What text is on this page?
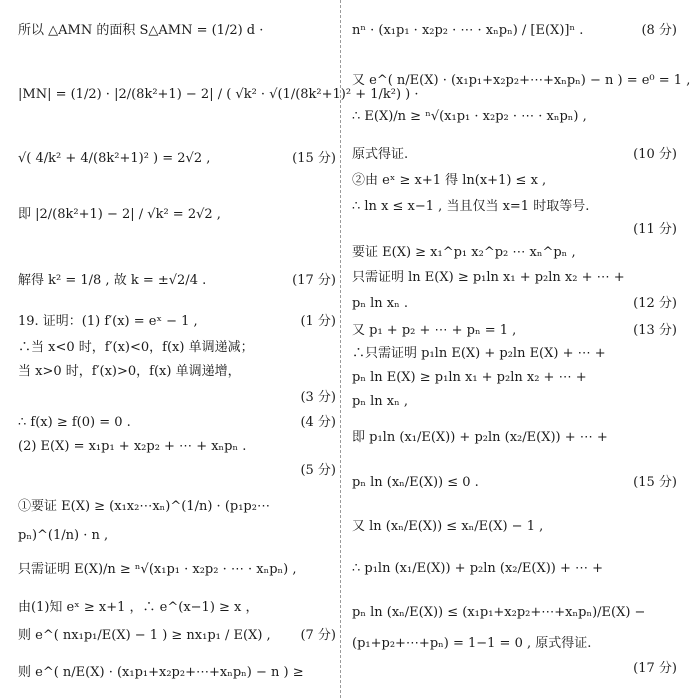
所以 △AMN 的面积 S△AMN = (1/2) d ·
|MN| = (1/2) · |2/(8k²+1) − 2| / ( √k² · √(1/(8k²+1)² + 1/k²) ) ·
√( 4/k² + 4/(8k²+1)² ) = 2√2 ,	(15 分)
即 |2/(8k²+1) − 2| / √k² = 2√2 ,
解得 k² = 1/8 , 故 k = ±√2/4 .	(17 分)
19. 证明：(1) f′(x) = eˣ − 1 ,	(1 分)
∴当 x<0 时，f′(x)<0，f(x) 单调递减；
当 x>0 时，f′(x)>0，f(x) 单调递增，
(3 分)
∴ f(x) ≥ f(0) = 0 .	(4 分)
(2) E(X) = x₁p₁ + x₂p₂ + ⋯ + xₙpₙ .
(5 分)
①要证 E(X) ≥ (x₁x₂⋯xₙ)^(1/n) · (p₁p₂⋯
pₙ)^(1/n) · n ,
只需证明 E(X)/n ≥ ⁿ√(x₁p₁ · x₂p₂ · ⋯ · xₙpₙ) ,
由(1)知 eˣ ≥ x+1 ，∴ e^(x−1) ≥ x ，
则 e^( nx₁p₁/E(X) − 1 ) ≥ nx₁p₁ / E(X) ,	(7 分)
则 e^( n/E(X) · (x₁p₁+x₂p₂+⋯+xₙpₙ) − n ) ≥
nⁿ · (x₁p₁ · x₂p₂ · ⋯ · xₙpₙ) / [E(X)]ⁿ .	(8 分)
又 e^( n/E(X) · (x₁p₁+x₂p₂+⋯+xₙpₙ) − n ) = e⁰ = 1 ,
∴ E(X)/n ≥ ⁿ√(x₁p₁ · x₂p₂ · ⋯ · xₙpₙ) ,
原式得证.	(10 分)
②由 eˣ ≥ x+1 得 ln(x+1) ≤ x ,
∴ ln x ≤ x−1 , 当且仅当 x=1 时取等号.
(11 分)
要证 E(X) ≥ x₁^p₁ x₂^p₂ ⋯ xₙ^pₙ ,
只需证明 ln E(X) ≥ p₁ln x₁ + p₂ln x₂ + ⋯ +
pₙ ln xₙ .	(12 分)
又 p₁ + p₂ + ⋯ + pₙ = 1 ,	(13 分)
∴只需证明 p₁ln E(X) + p₂ln E(X) + ⋯ +
pₙ ln E(X) ≥ p₁ln x₁ + p₂ln x₂ + ⋯ +
pₙ ln xₙ ,
即 p₁ln (x₁/E(X)) + p₂ln (x₂/E(X)) + ⋯ +
pₙ ln (xₙ/E(X)) ≤ 0 .	(15 分)
又 ln (xₙ/E(X)) ≤ xₙ/E(X) − 1 ,
∴ p₁ln (x₁/E(X)) + p₂ln (x₂/E(X)) + ⋯ +
pₙ ln (xₙ/E(X)) ≤ (x₁p₁+x₂p₂+⋯+xₙpₙ)/E(X) −
(p₁+p₂+⋯+pₙ) = 1−1 = 0 , 原式得证.
(17 分)
